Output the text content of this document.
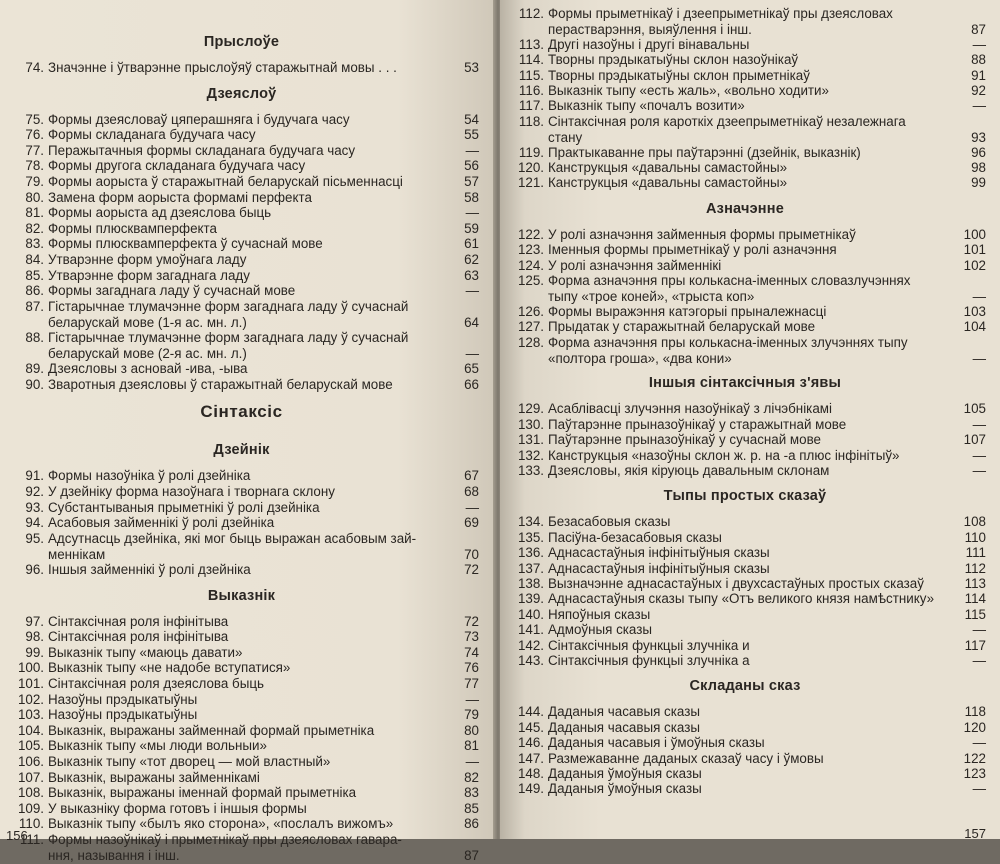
Прыслоўе
74. Значэнне і ўтварэнне прыслоўяў старажытнай мовы . . .	53
Дзеяслоў
75. Формы дзеясловаў цяперашняга і будучага часу	54
76. Формы складанага будучага часу	55
77. Перажытачныя формы складанага будучага часу	—
78. Формы другога складанага будучага часу	56
79. Формы аорыста ў старажытнай беларускай пісьменнасці	57
80. Замена форм аорыста формамі перфекта	58
81. Формы аорыста ад дзеяслова быць	—
82. Формы плюсквамперфекта	59
83. Формы плюсквамперфекта ў сучаснай мове	61
84. Утварэнне форм умоўнага ладу	62
85. Утварэнне форм загаднага ладу	63
86. Формы загаднага ладу ў сучаснай мове	—
87. Гістарычнае тлумачэнне форм загаднага ладу ў сучаснай
беларускай мове (1-я ас. мн. л.)	64
88. Гістарычнае тлумачэнне форм загаднага ладу ў сучаснай
беларускай мове (2-я ас. мн. л.)	—
89. Дзеясловы з асновай -ива, -ыва	65
90. Зваротныя дзеясловы ў старажытнай беларускай мове	66
Сінтаксіс
Дзейнік
91. Формы назоўніка ў ролі дзейніка	67
92. У дзейніку форма назоўнага і творнага склону	68
93. Субстантываныя прыметнікі ў ролі дзейніка	—
94. Асабовыя займеннікі ў ролі дзейніка	69
95. Адсутнасць дзейніка, які мог быць выражан асабовым зай-
меннікам	70
96. Іншыя займеннікі ў ролі дзейніка	72
Выказнік
97. Сінтаксічная роля інфінітыва	72
98. Сінтаксічная роля інфінітыва	73
99. Выказнік тыпу «маюць давати»	74
100. Выказнік тыпу «не надобе вступатися»	76
101. Сінтаксічная роля дзеяслова быць	77
102. Назоўны прэдыкатыўны	—
103. Назоўны прэдыкатыўны	79
104. Выказнік, выражаны займеннай формай прыметніка	80
105. Выказнік тыпу «мы люди вольныи»	81
106. Выказнік тыпу «тот дворец — мой властный»	—
107. Выказнік, выражаны займеннікамі	82
108. Выказнік, выражаны іменнай формай прыметніка	83
109. У выказніку форма готовъ і іншыя формы	85
110. Выказнік тыпу «былъ якo сторона», «послалъ вижомъ»	86
111. Формы назоўнікаў і прыметнікаў пры дзеясловах гавара-
ння, называння і інш.	87
156
112. Формы прыметнікаў і дзеепрыметнікаў пры дзеясловах
перастварэння, выяўлення і інш.	87
113. Другі назоўны і другі вінавальны	—
114. Творны прэдыкатыўны склон назоўнікаў	88
115. Творны прэдыкатыўны склон прыметнікаў	91
116. Выказнік тыпу «есть жаль», «вольно ходити»	92
117. Выказнік тыпу «почалъ возити»	—
118. Сінтаксічная роля кароткіх дзеепрыметнікаў незалежнага
стану	93
119. Практыкаванне пры паўтарэнні (дзейнік, выказнік)	96
120. Канструкцыя «давальны самастойны»	98
121. Канструкцыя «давальны самастойны»	99
Азначэнне
122. У ролі азначэння займенныя формы прыметнікаў	100
123. Іменныя формы прыметнікаў у ролі азначэння	101
124. У ролі азначэння займеннікі	102
125. Форма азначэння пры колькасна-іменных словазлучэннях
тыпу «трое коней», «трыста коп»	—
126. Формы выражэння катэгорыі прыналежнасці	103
127. Прыдатак у старажытнай беларускай мове	104
128. Форма азначэння пры колькасна-іменных злучэннях тыпу
«полтора гроша», «два кони»	—
Іншыя сінтаксічныя з'явы
129. Асаблівасці злучэння назоўнікаў з лічэбнікамі	105
130. Паўтарэнне прыназоўнікаў у старажытнай мове	—
131. Паўтарэнне прыназоўнікаў у сучаснай мове	107
132. Канструкцыя «назоўны склон ж. р. на -а плюс інфінітыў»	—
133. Дзеясловы, якія кіруюць давальным склонам	—
Тыпы простых сказаў
134. Безасабовыя сказы	108
135. Пасіўна-безасабовыя сказы	110
136. Аднасастаўныя інфінітыўныя сказы	111
137. Аднасастаўныя інфінітыўныя сказы	112
138. Вызначэнне аднасастаўных і двухсастаўных простых сказаў	113
139. Аднасастаўныя сказы тыпу «Отъ великого князя намѣстнику»	114
140. Няпоўныя сказы	115
141. Адмоўныя сказы	—
142. Сінтаксічныя функцыі злучніка и	117
143. Сінтаксічныя функцыі злучніка а	—
Складаны сказ
144. Даданыя часавыя сказы	118
145. Даданыя часавыя сказы	120
146. Даданыя часавыя і ўмоўныя сказы	—
147. Размежаванне даданых сказаў часу і ўмовы	122
148. Даданыя ўмоўныя сказы	123
149. Даданыя ўмоўныя сказы	—
157
